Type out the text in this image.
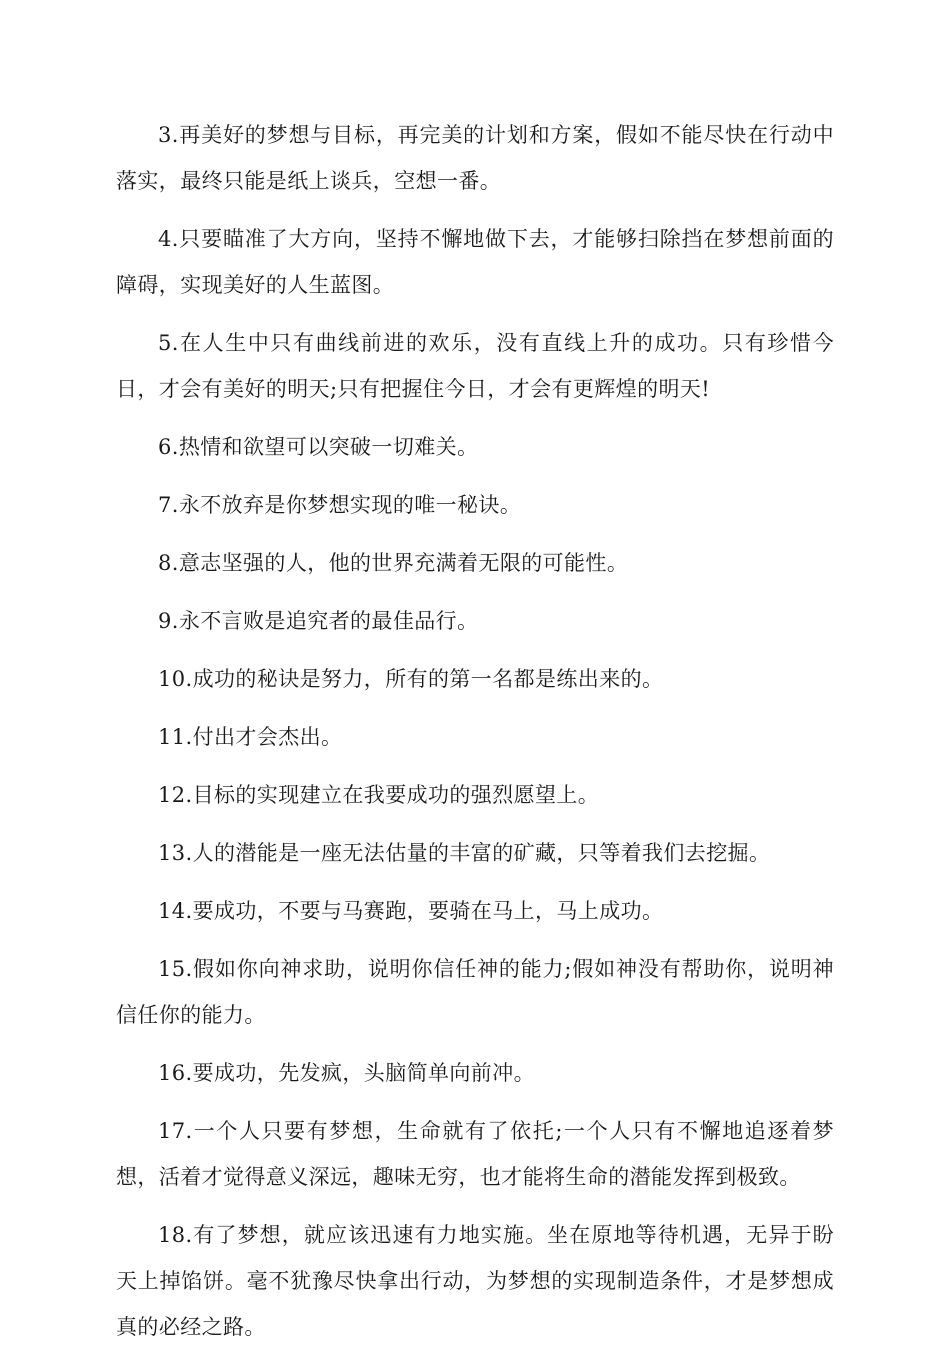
3.再美好的梦想与目标，再完美的计划和方案，假如不能尽快在行动中落实，最终只能是纸上谈兵，空想一番。

4.只要瞄准了大方向，坚持不懈地做下去，才能够扫除挡在梦想前面的障碍，实现美好的人生蓝图。

5.在人生中只有曲线前进的欢乐，没有直线上升的成功。只有珍惜今日，才会有美好的明天;只有把握住今日，才会有更辉煌的明天!

6.热情和欲望可以突破一切难关。

7.永不放弃是你梦想实现的唯一秘诀。

8.意志坚强的人，他的世界充满着无限的可能性。

9.永不言败是追究者的最佳品行。

10.成功的秘诀是努力，所有的第一名都是练出来的。

11.付出才会杰出。

12.目标的实现建立在我要成功的强烈愿望上。

13.人的潜能是一座无法估量的丰富的矿藏，只等着我们去挖掘。

14.要成功，不要与马赛跑，要骑在马上，马上成功。

15.假如你向神求助，说明你信任神的能力;假如神没有帮助你，说明神信任你的能力。

16.要成功，先发疯，头脑简单向前冲。

17.一个人只要有梦想，生命就有了依托;一个人只有不懈地追逐着梦想，活着才觉得意义深远，趣味无穷，也才能将生命的潜能发挥到极致。

18.有了梦想，就应该迅速有力地实施。坐在原地等待机遇，无异于盼天上掉馅饼。毫不犹豫尽快拿出行动，为梦想的实现制造条件，才是梦想成真的必经之路。
